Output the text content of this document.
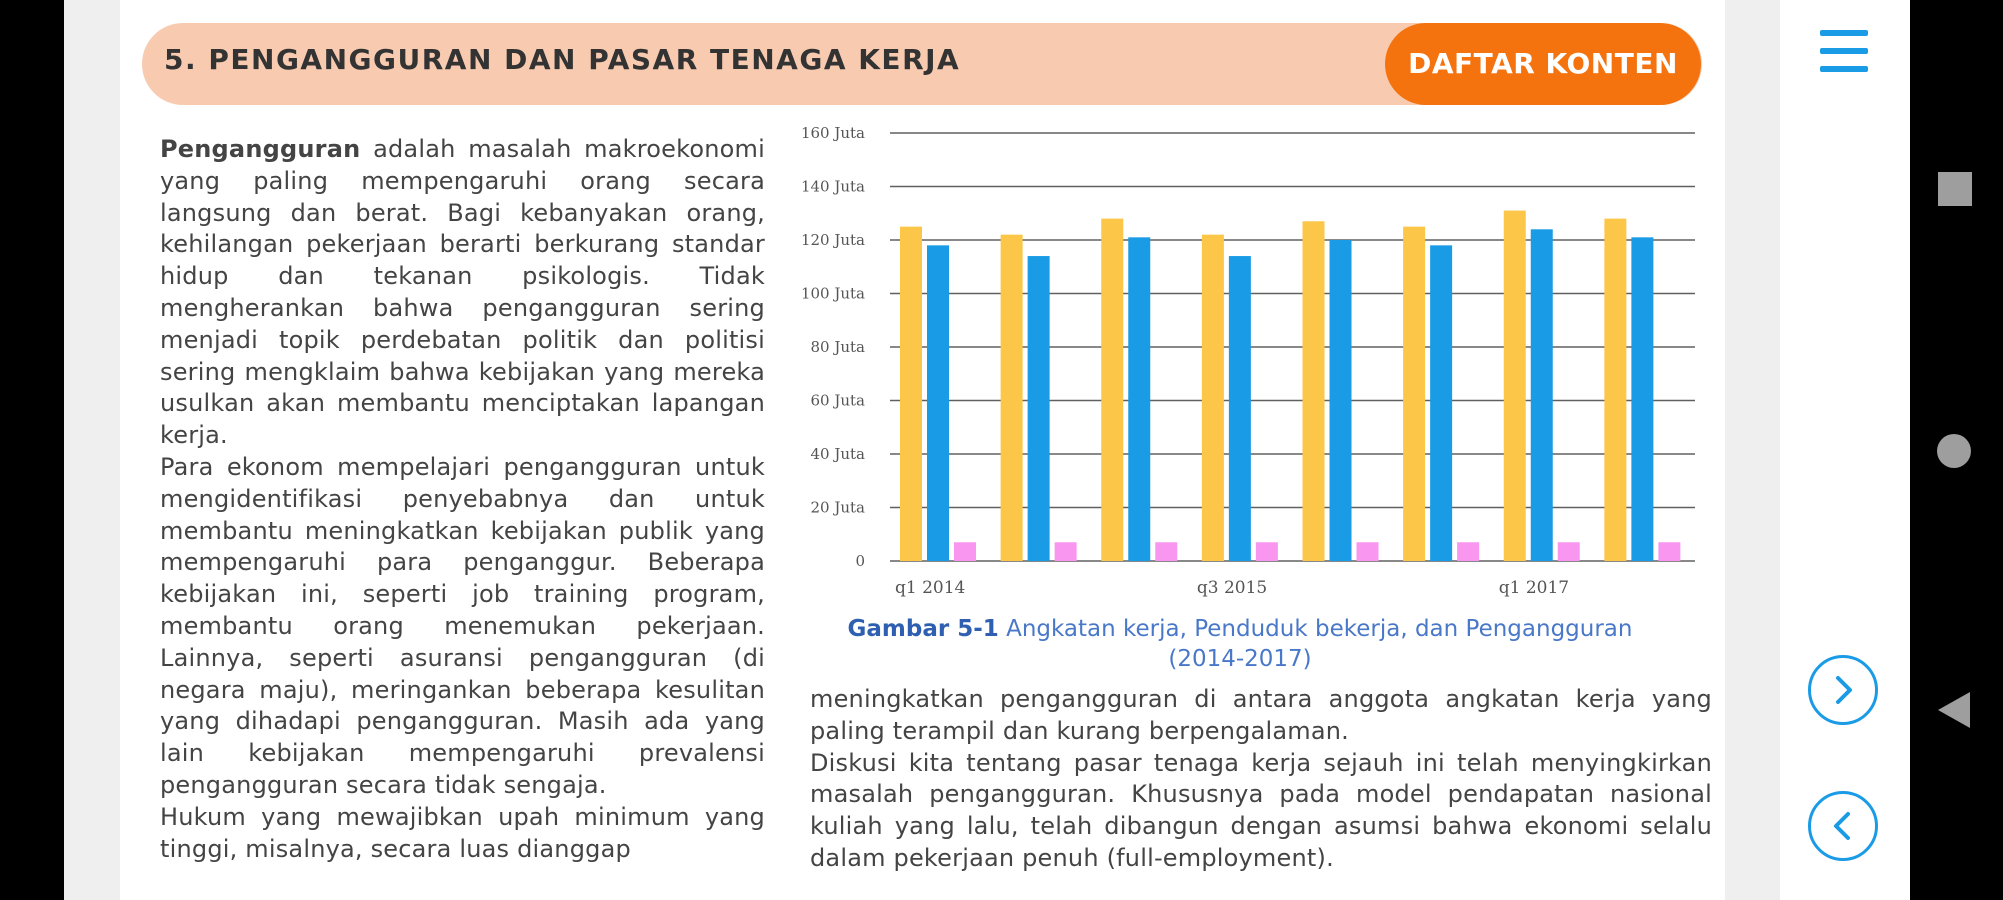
5. PENGANGGURAN DAN PASAR TENAGA KERJA	DAFTAR KONTEN

Pengangguran adalah masalah makroekonomi yang paling mempengaruhi orang secara langsung dan berat. Bagi kebanyakan orang, kehilangan pekerjaan berarti berkurang standar hidup dan tekanan psikologis. Tidak mengherankan bahwa pengangguran sering menjadi topik perdebatan politik dan politisi sering mengklaim bahwa kebijakan yang mereka usulkan akan membantu menciptakan lapangan kerja.

Para ekonom mempelajari pengangguran untuk mengidentifikasi penyebabnya dan untuk membantu meningkatkan kebijakan publik yang mempengaruhi para penganggur. Beberapa kebijakan ini, seperti job training program, membantu orang menemukan pekerjaan. Lainnya, seperti asuransi pengangguran (di negara maju), meringankan beberapa kesulitan yang dihadapi pengangguran. Masih ada yang lain kebijakan mempengaruhi prevalensi pengangguran secara tidak sengaja.

Hukum yang mewajibkan upah minimum yang tinggi, misalnya, secara luas dianggap

0
20 Juta
40 Juta
60 Juta
80 Juta
100 Juta
120 Juta
140 Juta
160 Juta
q1 2014	q3 2015	q1 2017
Gambar 5-1 Angkatan kerja, Penduduk bekerja, dan Pengangguran (2014-2017)

meningkatkan pengangguran di antara anggota angkatan kerja yang paling terampil dan kurang berpengalaman.

Diskusi kita tentang pasar tenaga kerja sejauh ini telah menyingkirkan masalah pengangguran. Khususnya pada model pendapatan nasional kuliah yang lalu, telah dibangun dengan asumsi bahwa ekonomi selalu dalam pekerjaan penuh (full-employment).
